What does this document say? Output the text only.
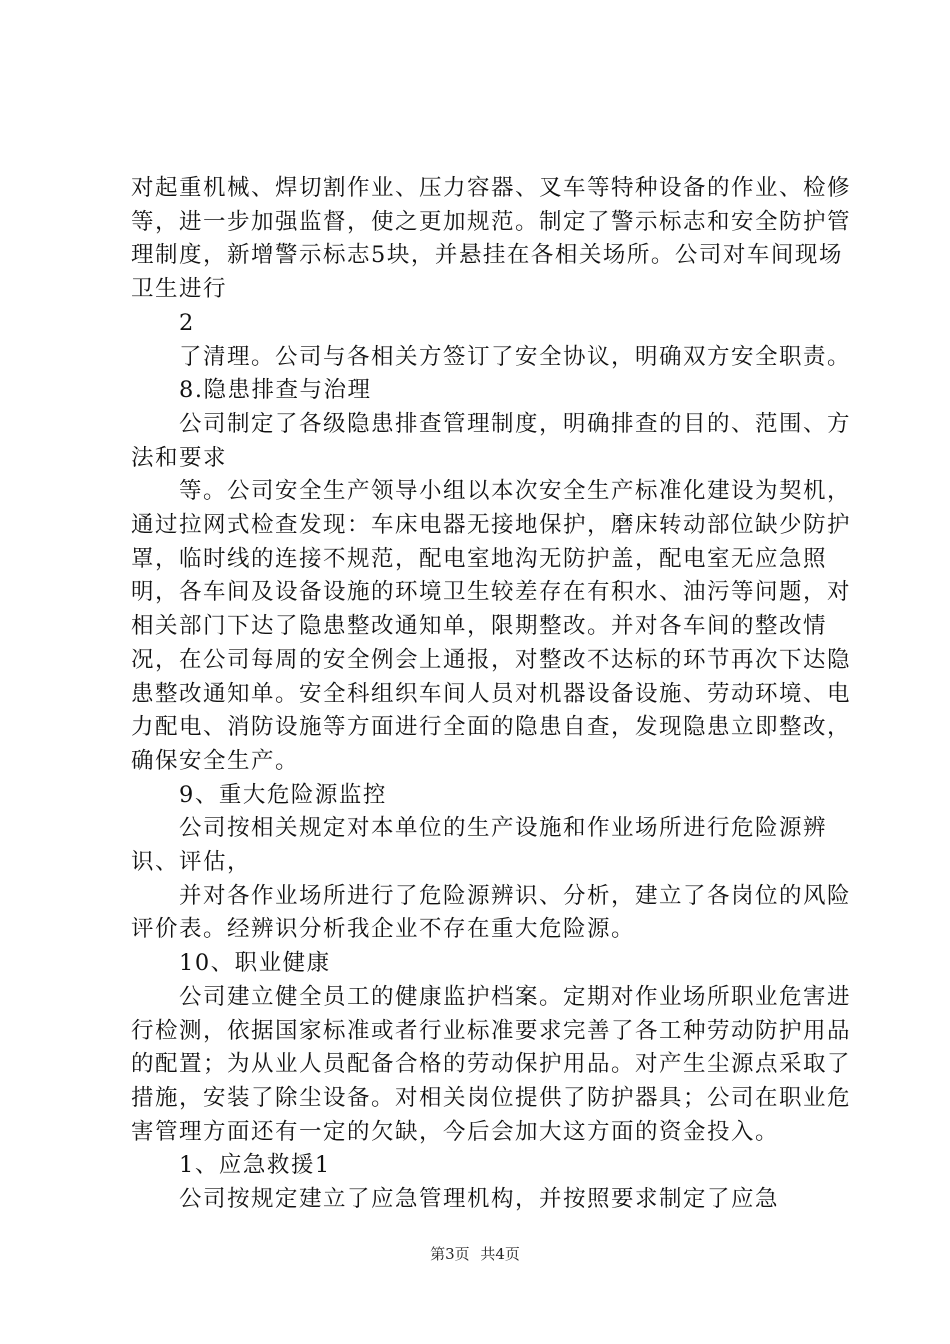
对起重机械、焊切割作业、压力容器、叉车等特种设备的作业、检修等，进一步加强监督，使之更加规范。制定了警示标志和安全防护管理制度，新增警示标志5块，并悬挂在各相关场所。公司对车间现场卫生进行

2

了清理。公司与各相关方签订了安全协议，明确双方安全职责。

8.隐患排查与治理

公司制定了各级隐患排查管理制度，明确排查的目的、范围、方法和要求

等。公司安全生产领导小组以本次安全生产标准化建设为契机，通过拉网式检查发现：车床电器无接地保护，磨床转动部位缺少防护罩，临时线的连接不规范，配电室地沟无防护盖，配电室无应急照明，各车间及设备设施的环境卫生较差存在有积水、油污等问题，对相关部门下达了隐患整改通知单，限期整改。并对各车间的整改情况，在公司每周的安全例会上通报，对整改不达标的环节再次下达隐患整改通知单。安全科组织车间人员对机器设备设施、劳动环境、电力配电、消防设施等方面进行全面的隐患自查，发现隐患立即整改，确保安全生产。

9、重大危险源监控

公司按相关规定对本单位的生产设施和作业场所进行危险源辨识、评估，

并对各作业场所进行了危险源辨识、分析，建立了各岗位的风险评价表。经辨识分析我企业不存在重大危险源。

10、职业健康

公司建立健全员工的健康监护档案。定期对作业场所职业危害进行检测，依据国家标准或者行业标准要求完善了各工种劳动防护用品的配置；为从业人员配备合格的劳动保护用品。对产生尘源点采取了措施，安装了除尘设备。对相关岗位提供了防护器具；公司在职业危害管理方面还有一定的欠缺，今后会加大这方面的资金投入。

1、应急救援1

公司按规定建立了应急管理机构，并按照要求制定了应急

第3页 共4页
